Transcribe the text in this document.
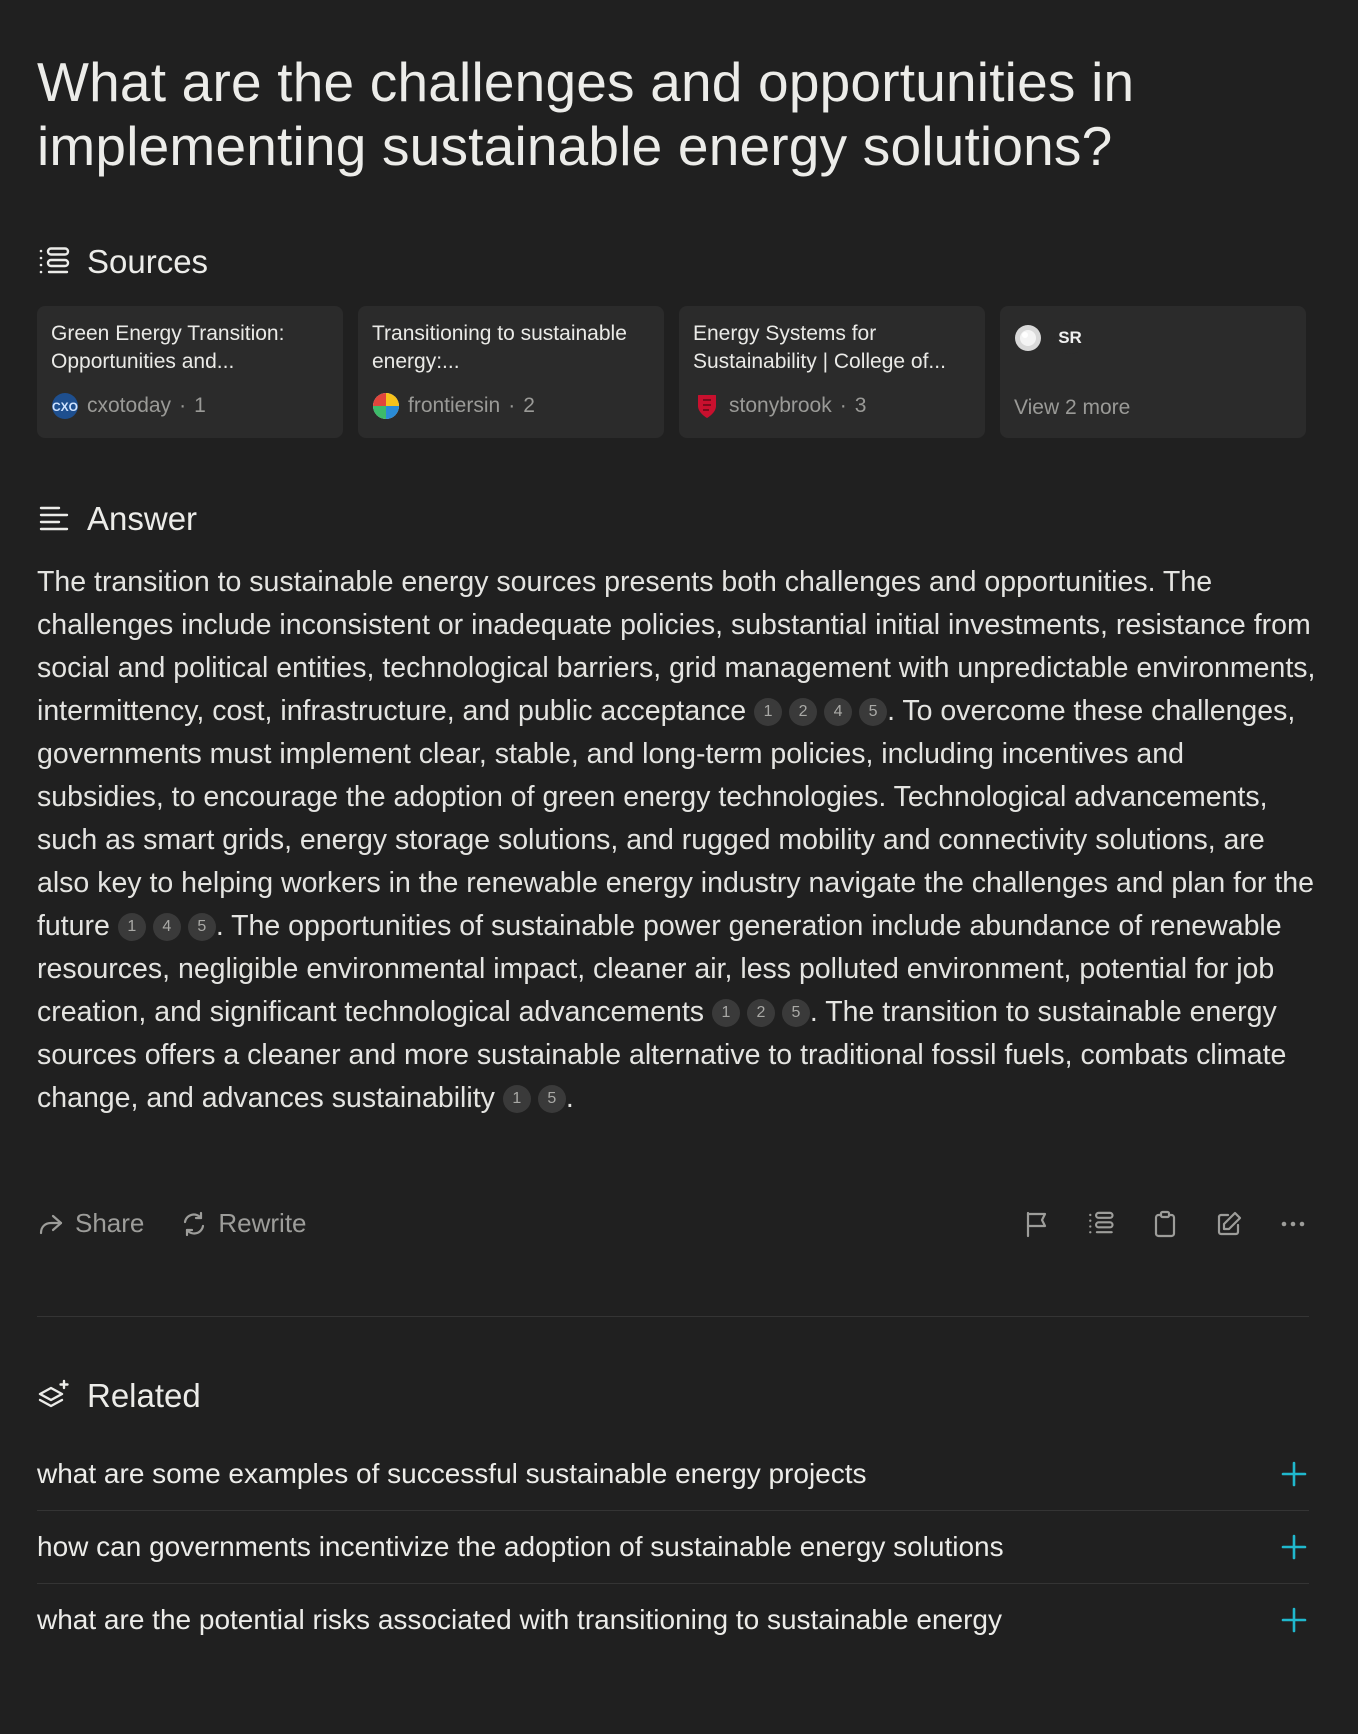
What are the challenges and opportunities in implementing sustainable energy solutions?
Sources
Green Energy Transition: Opportunities and...
CXO cxotoday · 1
Transitioning to sustainable energy:...
frontiersin · 2
Energy Systems for Sustainability | College of...
stonybrook · 3
SR
View 2 more
Answer

The transition to sustainable energy sources presents both challenges and opportunities. The challenges include inconsistent or inadequate policies, substantial initial investments, resistance from social and political entities, technological barriers, grid management with unpredictable environments, intermittency, cost, infrastructure, and public acceptance 1 2 4 5 . To overcome these challenges, governments must implement clear, stable, and long-term policies, including incentives and subsidies, to encourage the adoption of green energy technologies. Technological advancements, such as smart grids, energy storage solutions, and rugged mobility and connectivity solutions, are also key to helping workers in the renewable energy industry navigate the challenges and plan for the future 1 4 5 . The opportunities of sustainable power generation include abundance of renewable resources, negligible environmental impact, cleaner air, less polluted environment, potential for job creation, and significant technological advancements 1 2 5 . The transition to sustainable energy sources offers a cleaner and more sustainable alternative to traditional fossil fuels, combats climate change, and advances sustainability 1 5 .

Share	Rewrite
Related
what are some examples of successful sustainable energy projects
how can governments incentivize the adoption of sustainable energy solutions
what are the potential risks associated with transitioning to sustainable energy
